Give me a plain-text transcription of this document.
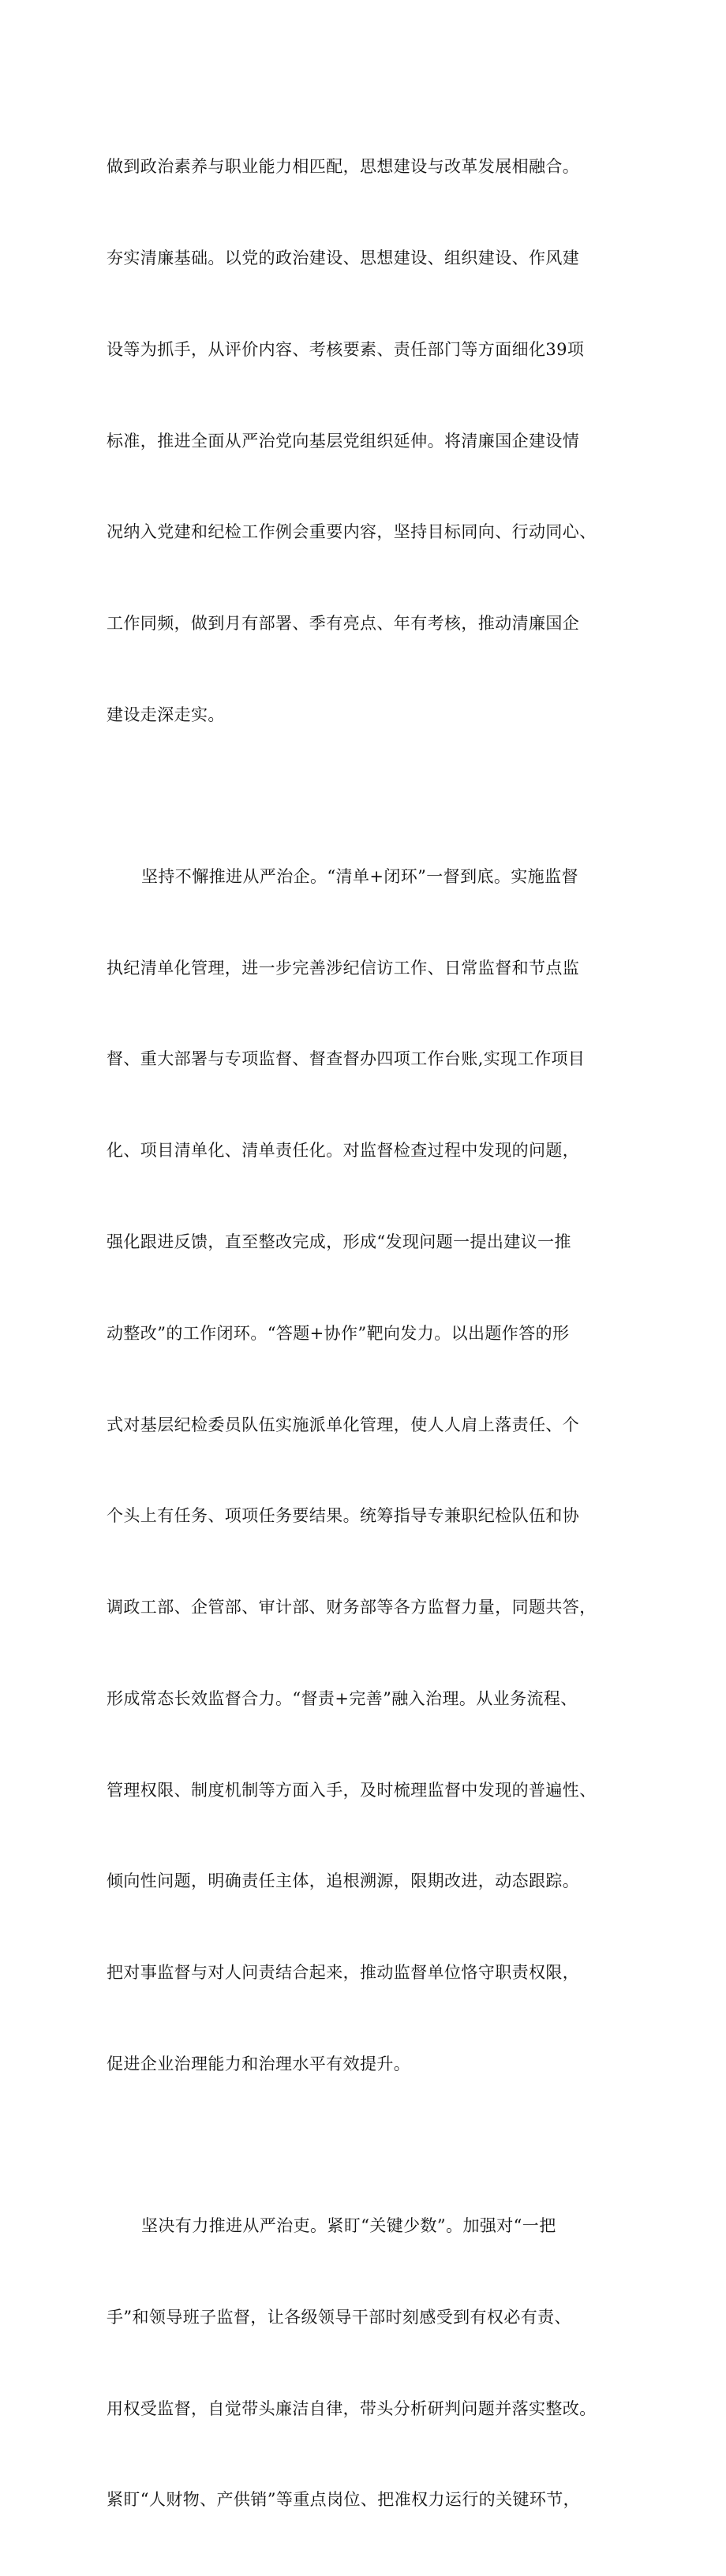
做到政治素养与职业能力相匹配，思想建设与改革发展相融合。

夯实清廉基础。以党的政治建设、思想建设、组织建设、作风建

设等为抓手，从评价内容、考核要素、责任部门等方面细化39项

标准，推进全面从严治党向基层党组织延伸。将清廉国企建设情

况纳入党建和纪检工作例会重要内容，坚持目标同向、行动同心、

工作同频，做到月有部署、季有亮点、年有考核，推动清廉国企

建设走深走实。

坚持不懈推进从严治企。“清单+闭环”一督到底。实施监督

执纪清单化管理，进一步完善涉纪信访工作、日常监督和节点监

督、重大部署与专项监督、督查督办四项工作台账,实现工作项目

化、项目清单化、清单责任化。对监督检查过程中发现的问题，

强化跟进反馈，直至整改完成，形成“发现问题一提出建议一推

动整改”的工作闭环。“答题+协作”靶向发力。以出题作答的形

式对基层纪检委员队伍实施派单化管理，使人人肩上落责任、个

个头上有任务、项项任务要结果。统筹指导专兼职纪检队伍和协

调政工部、企管部、审计部、财务部等各方监督力量，同题共答，

形成常态长效监督合力。“督责+完善”融入治理。从业务流程、

管理权限、制度机制等方面入手，及时梳理监督中发现的普遍性、

倾向性问题，明确责任主体，追根溯源，限期改进，动态跟踪。

把对事监督与对人问责结合起来，推动监督单位恪守职责权限，

促进企业治理能力和治理水平有效提升。

坚决有力推进从严治吏。紧盯“关键少数”。加强对“一把

手”和领导班子监督，让各级领导干部时刻感受到有权必有责、

用权受监督，自觉带头廉洁自律，带头分析研判问题并落实整改。

紧盯“人财物、产供销”等重点岗位、把准权力运行的关键环节，
